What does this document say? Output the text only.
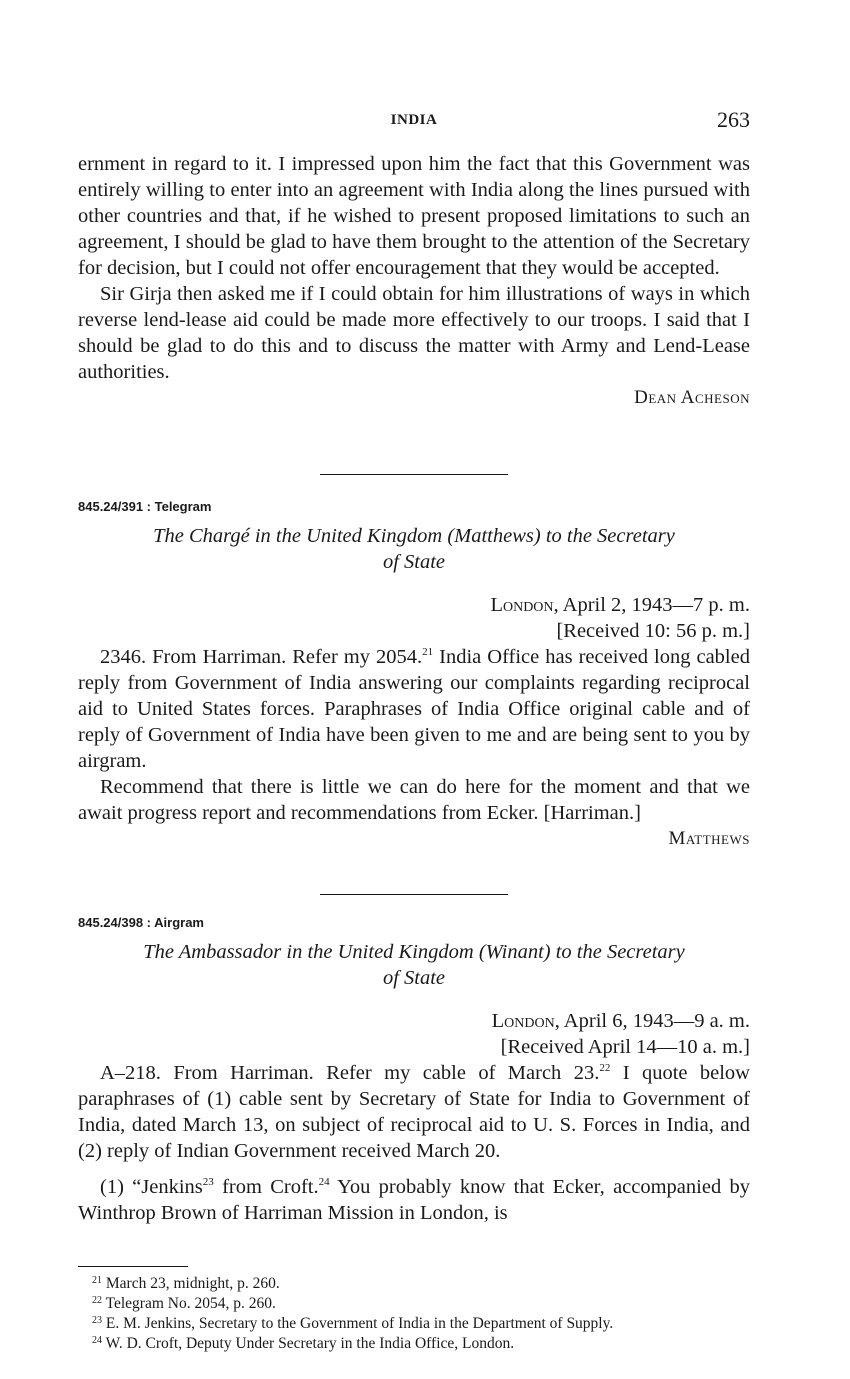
INDIA	263

ernment in regard to it. I impressed upon him the fact that this Government was entirely willing to enter into an agreement with India along the lines pursued with other countries and that, if he wished to present proposed limitations to such an agreement, I should be glad to have them brought to the attention of the Secretary for decision, but I could not offer encouragement that they would be accepted.

Sir Girja then asked me if I could obtain for him illustrations of ways in which reverse lend-lease aid could be made more effectively to our troops. I said that I should be glad to do this and to discuss the matter with Army and Lend-Lease authorities.

Dean Acheson

845.24/391 : Telegram

The Chargé in the United Kingdom (Matthews) to the Secretary
of State

London, April 2, 1943—7 p. m.

[Received 10: 56 p. m.]

2346. From Harriman. Refer my 2054.21 India Office has received long cabled reply from Government of India answering our complaints regarding reciprocal aid to United States forces. Paraphrases of India Office original cable and of reply of Government of India have been given to me and are being sent to you by airgram.

Recommend that there is little we can do here for the moment and that we await progress report and recommendations from Ecker. [Harriman.]

Matthews

845.24/398 : Airgram

The Ambassador in the United Kingdom (Winant) to the Secretary
of State

London, April 6, 1943—9 a. m.

[Received April 14—10 a. m.]

A–218. From Harriman. Refer my cable of March 23.22 I quote below paraphrases of (1) cable sent by Secretary of State for India to Government of India, dated March 13, on subject of reciprocal aid to U. S. Forces in India, and (2) reply of Indian Government received March 20.

(1) “Jenkins$^{23}$ from Croft.$^{24}$ You probably know that Ecker, accompanied by Winthrop Brown of Harriman Mission in London, is

$^{21}$ March 23, midnight, p. 260.

$^{22}$ Telegram No. 2054, p. 260.

$^{23}$ E. M. Jenkins, Secretary to the Government of India in the Department of Supply.

$^{24}$ W. D. Croft, Deputy Under Secretary in the India Office, London.
